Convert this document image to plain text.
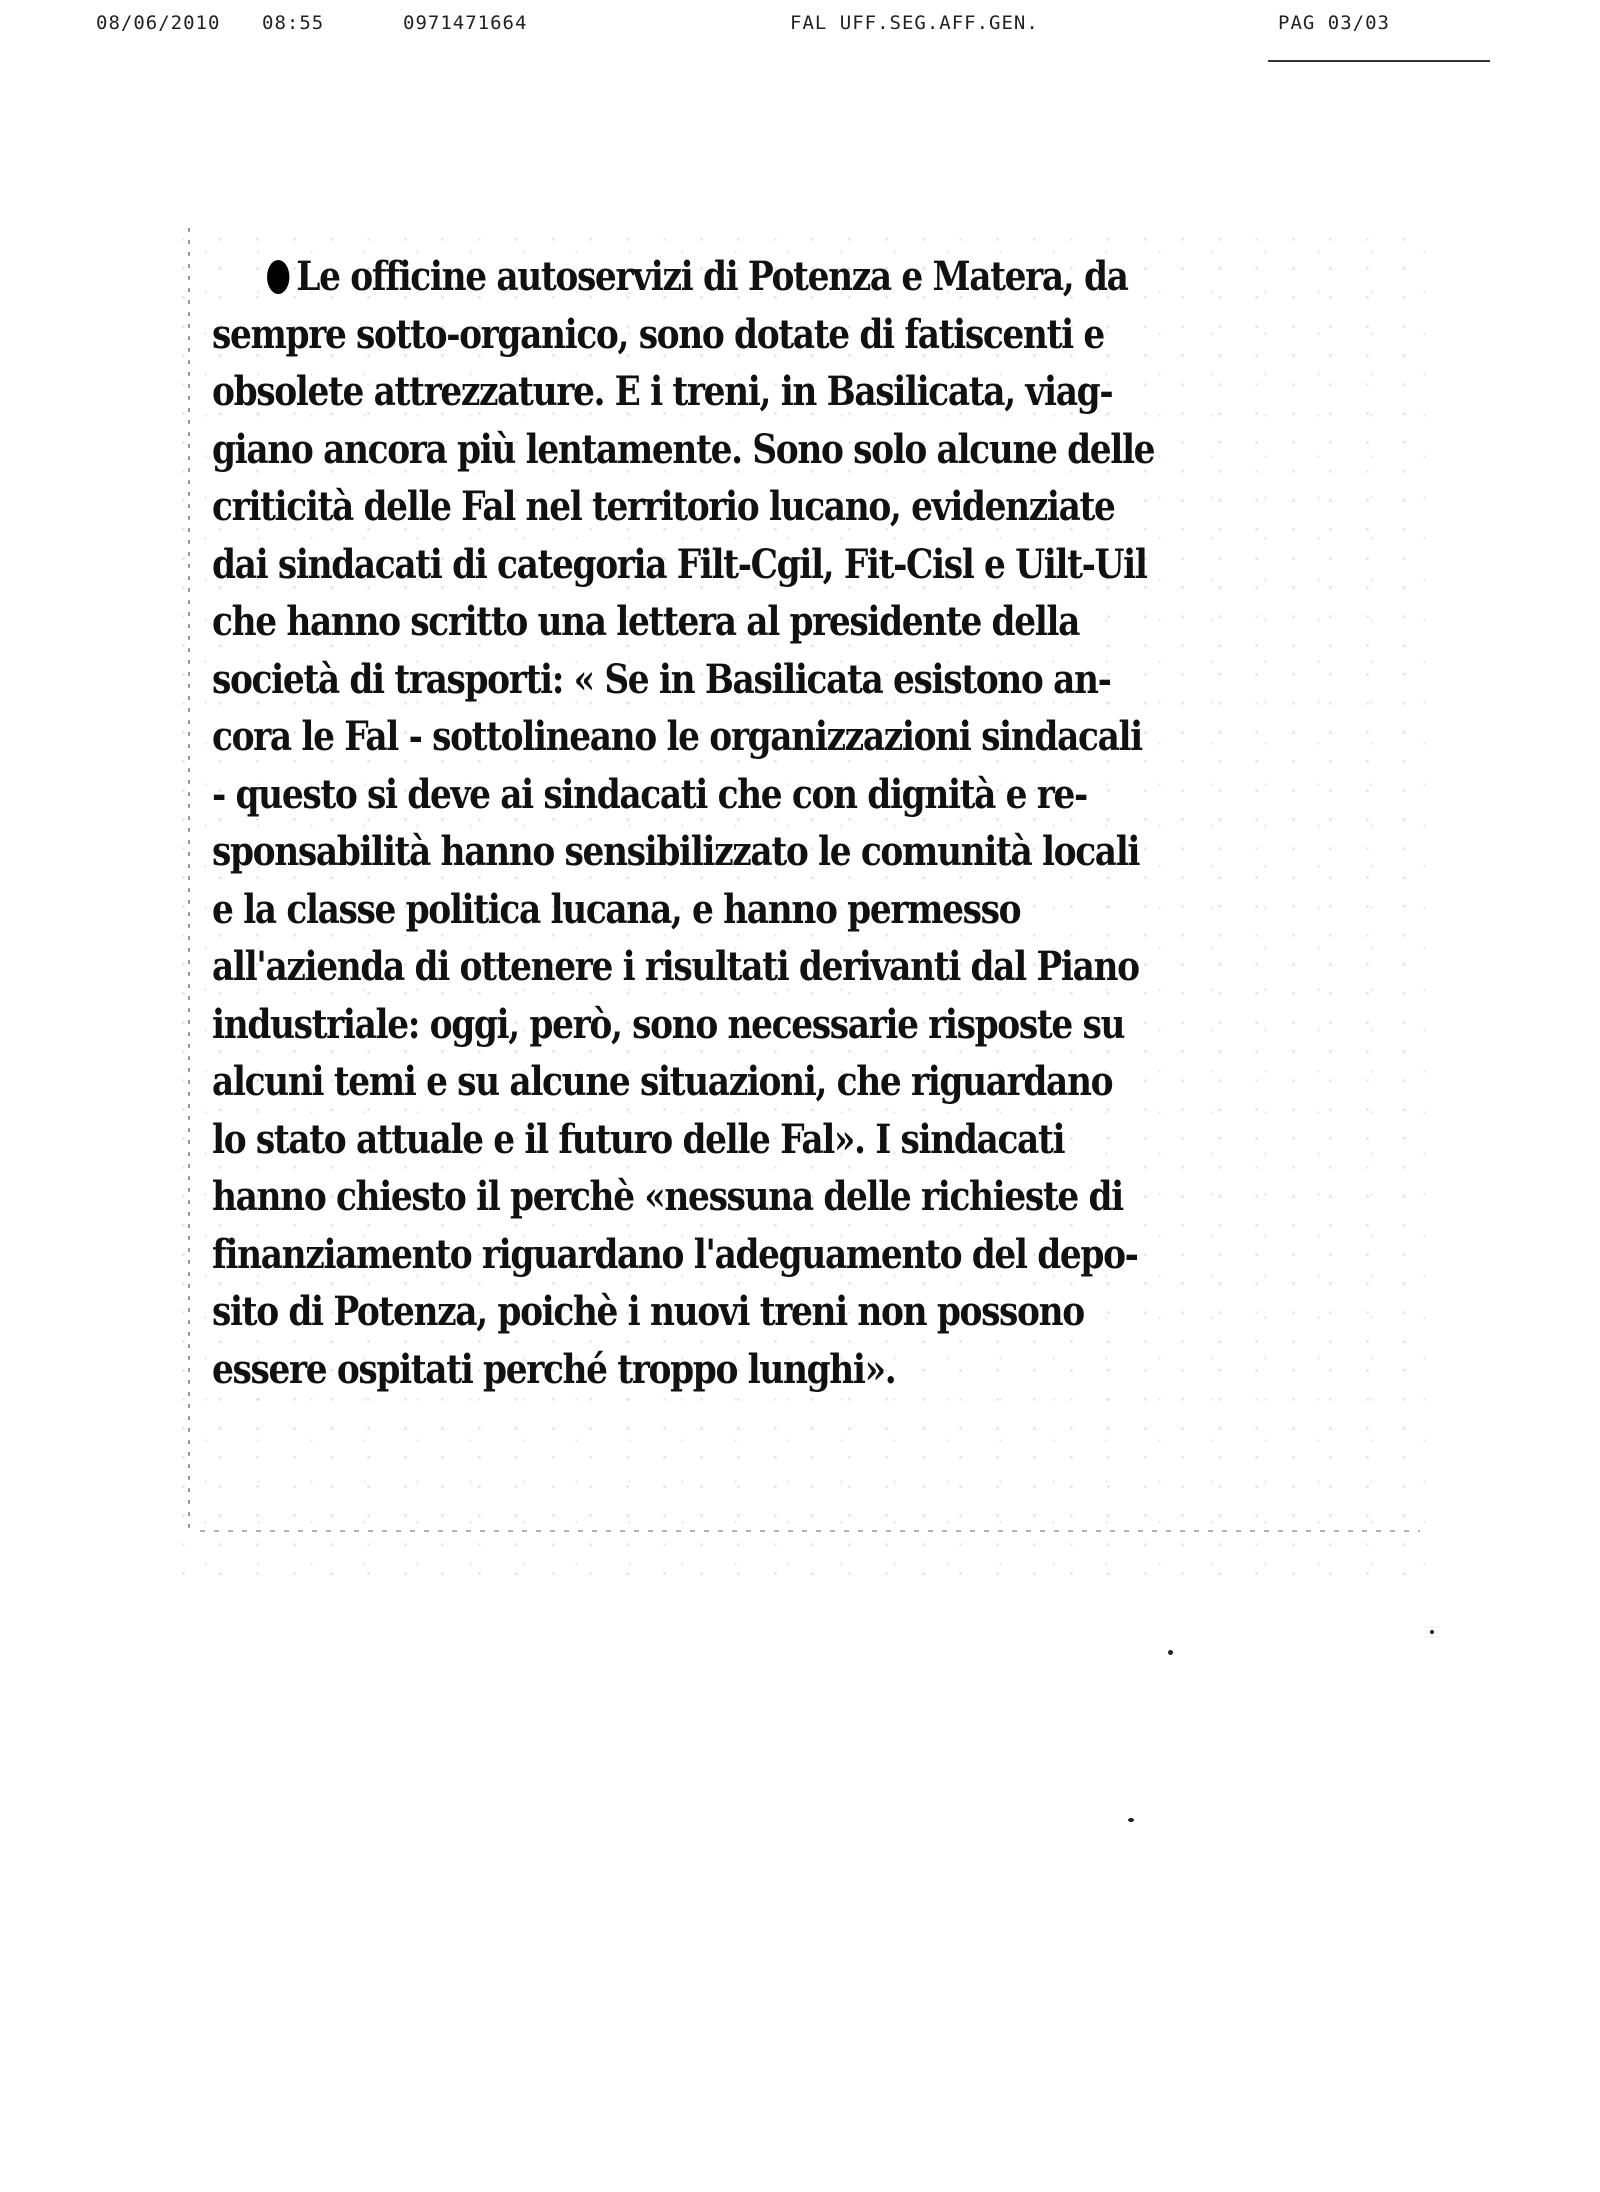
08/06/2010 08:55	0971471664	FAL UFF.SEG.AFF.GEN.	PAG 03/03
Le officine autoservizi di Potenza e Matera, da
sempre sotto-organico, sono dotate di fatiscenti e
obsolete attrezzature. E i treni, in Basilicata, viag-
giano ancora più lentamente. Sono solo alcune delle
criticità delle Fal nel territorio lucano, evidenziate
dai sindacati di categoria Filt-Cgil, Fit-Cisl e Uilt-Uil
che hanno scritto una lettera al presidente della
società di trasporti: « Se in Basilicata esistono an-
cora le Fal - sottolineano le organizzazioni sindacali
- questo si deve ai sindacati che con dignità e re-
sponsabilità hanno sensibilizzato le comunità locali
e la classe politica lucana, e hanno permesso
all'azienda di ottenere i risultati derivanti dal Piano
industriale: oggi, però, sono necessarie risposte su
alcuni temi e su alcune situazioni, che riguardano
lo stato attuale e il futuro delle Fal». I sindacati
hanno chiesto il perchè «nessuna delle richieste di
finanziamento riguardano l'adeguamento del depo-
sito di Potenza, poichè i nuovi treni non possono
essere ospitati perché troppo lunghi».
